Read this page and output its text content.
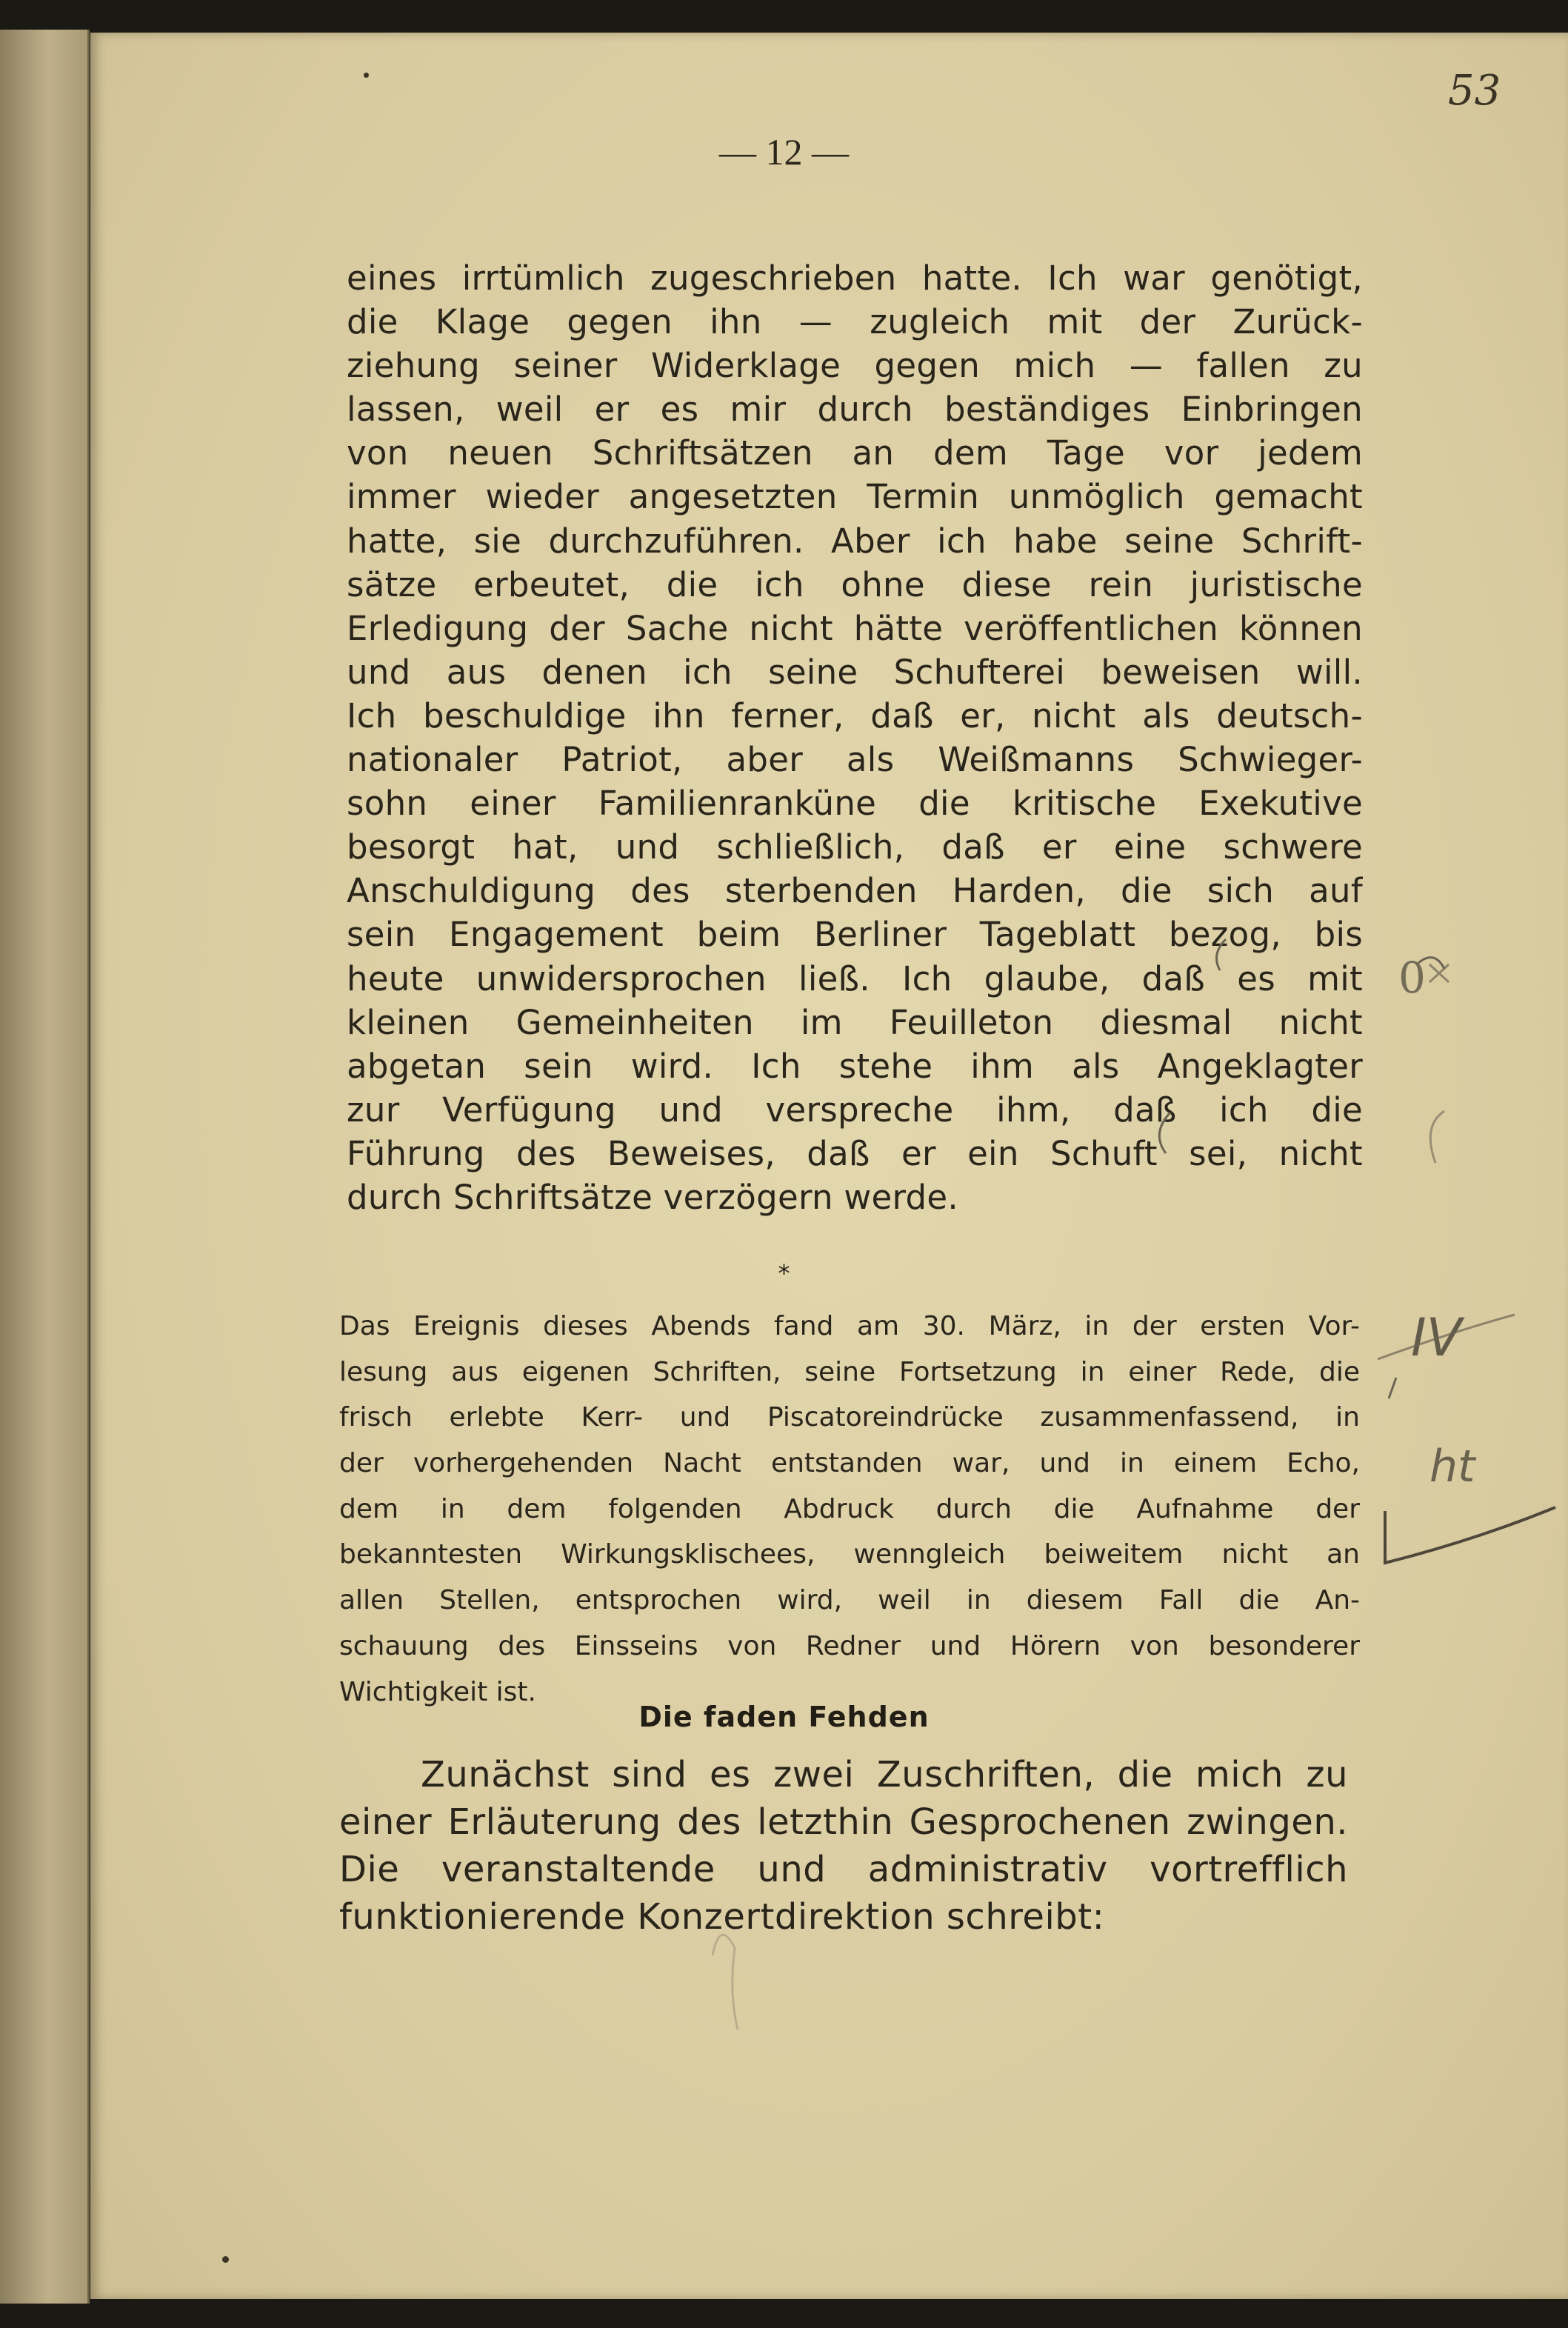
53
— 12 —
eines irrtümlich zugeschrieben hatte. Ich war genötigt,
die Klage gegen ihn — zugleich mit der Zurück-
ziehung seiner Widerklage gegen mich — fallen zu
lassen, weil er es mir durch beständiges Einbringen
von neuen Schriftsätzen an dem Tage vor jedem
immer wieder angesetzten Termin unmöglich gemacht
hatte, sie durchzuführen. Aber ich habe seine Schrift-
sätze erbeutet, die ich ohne diese rein juristische
Erledigung der Sache nicht hätte veröffentlichen können
und aus denen ich seine Schufterei beweisen will.
Ich beschuldige ihn ferner, daß er, nicht als deutsch-
nationaler Patriot, aber als Weißmanns Schwieger-
sohn einer Familienranküne die kritische Exekutive
besorgt hat, und schließlich, daß er eine schwere
Anschuldigung des sterbenden Harden, die sich auf
sein Engagement beim Berliner Tageblatt bezog, bis
heute unwidersprochen ließ. Ich glaube, daß es mit
kleinen Gemeinheiten im Feuilleton diesmal nicht
abgetan sein wird. Ich stehe ihm als Angeklagter
zur Verfügung und verspreche ihm, daß ich die
Führung des Beweises, daß er ein Schuft sei, nicht
durch Schriftsätze verzögern werde.
*
Das Ereignis dieses Abends fand am 30. März, in der ersten Vor-
lesung aus eigenen Schriften, seine Fortsetzung in einer Rede, die
frisch erlebte Kerr- und Piscatoreindrücke zusammenfassend, in
der vorhergehenden Nacht entstanden war, und in einem Echo,
dem in dem folgenden Abdruck durch die Aufnahme der
bekanntesten Wirkungsklischees, wenngleich beiweitem nicht an
allen Stellen, entsprochen wird, weil in diesem Fall die An-
schauung des Einsseins von Redner und Hörern von besonderer
Wichtigkeit ist.
Die faden Fehden
Zunächst sind es zwei Zuschriften, die mich zu
einer Erläuterung des letzthin Gesprochenen zwingen.
Die veranstaltende und administrativ vortrefflich
funktionierende Konzertdirektion schreibt:
0
IV
ht
